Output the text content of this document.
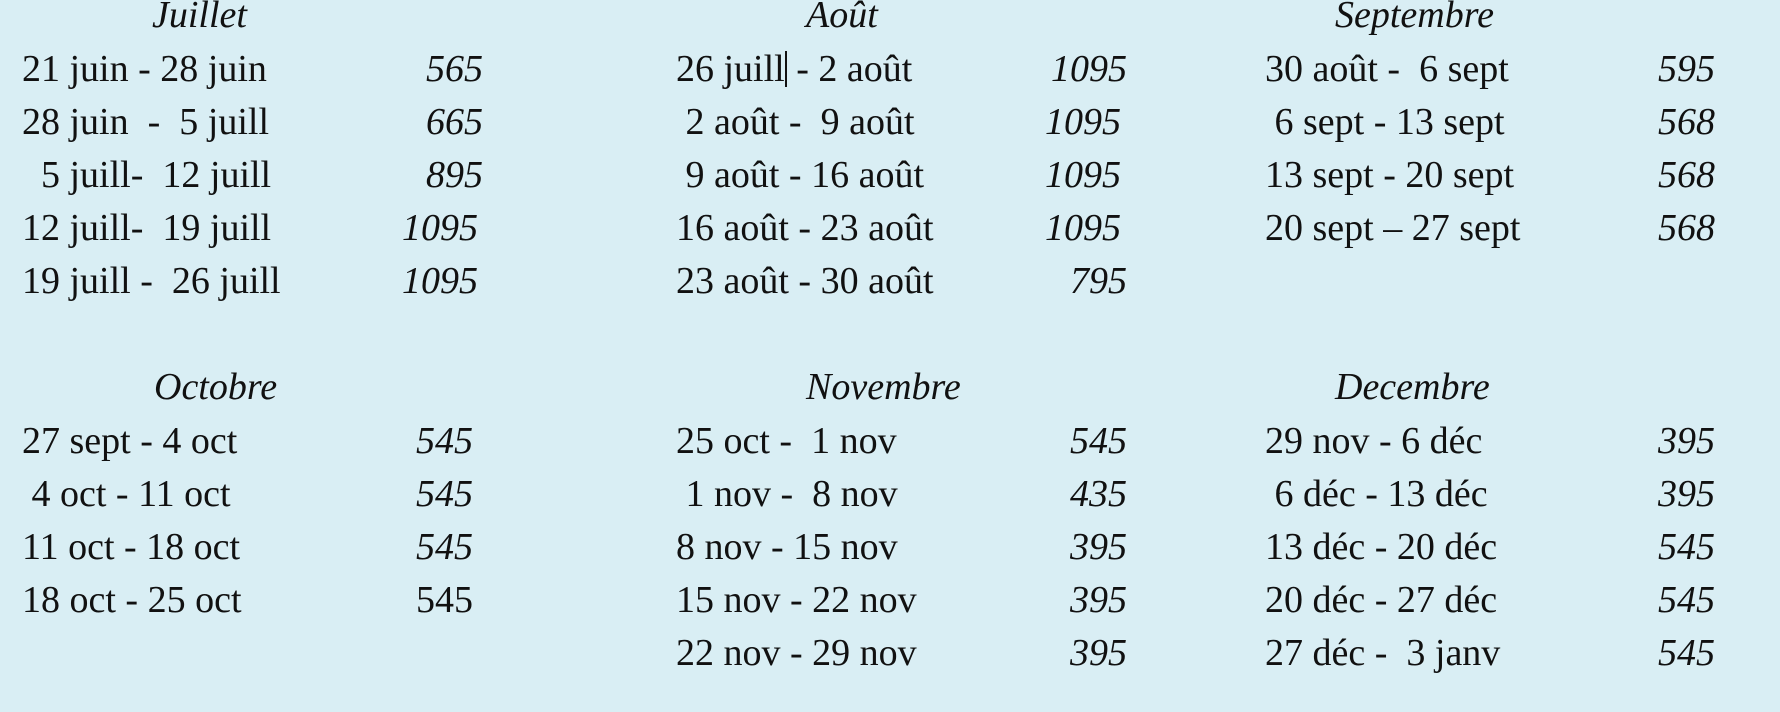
Juillet
21 juin - 28 juin	565
28 juin  -  5 juill	665
5 juill-  12 juill	895
12 juill-  19 juill	1095
19 juill -  26 juill	1095
Août
26 juill - 2 août	1095
2 août -  9 août	1095
9 août - 16 août	1095
16 août - 23 août	1095
23 août - 30 août	795
Septembre
30 août -  6 sept	595
6 sept - 13 sept	568
13 sept - 20 sept	568
20 sept – 27 sept	568
Octobre
27 sept - 4 oct	545
4 oct - 11 oct	545
11 oct - 18 oct	545
18 oct - 25 oct	545
Novembre
25 oct -  1 nov	545
1 nov -  8 nov	435
8 nov - 15 nov	395
15 nov - 22 nov	395
22 nov - 29 nov	395
Decembre
29 nov - 6 déc	395
6 déc - 13 déc	395
13 déc - 20 déc	545
20 déc - 27 déc	545
27 déc -  3 janv	545
